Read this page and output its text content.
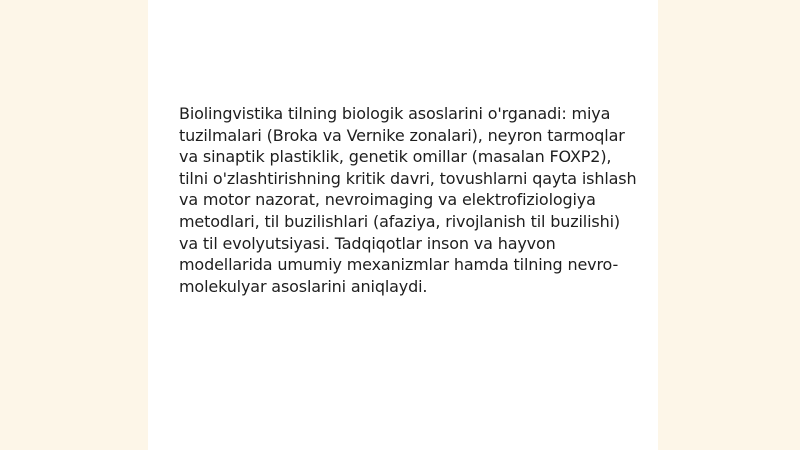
Biolingvistika tilning biologik asoslarini o'rganadi: miya tuzilmalari (Broka va Vernike zonalari), neyron tarmoqlar va sinaptik plastiklik, genetik omillar (masalan FOXP2), tilni o'zlashtirishning kritik davri, tovushlarni qayta ishlash va motor nazorat, nevroimaging va elektrofiziologiya metodlari, til buzilishlari (afaziya, rivojlanish til buzilishi) va til evolyutsiyasi. Tadqiqotlar inson va hayvon modellarida umumiy mexanizmlar hamda tilning nevro-molekulyar asoslarini aniqlaydi.
